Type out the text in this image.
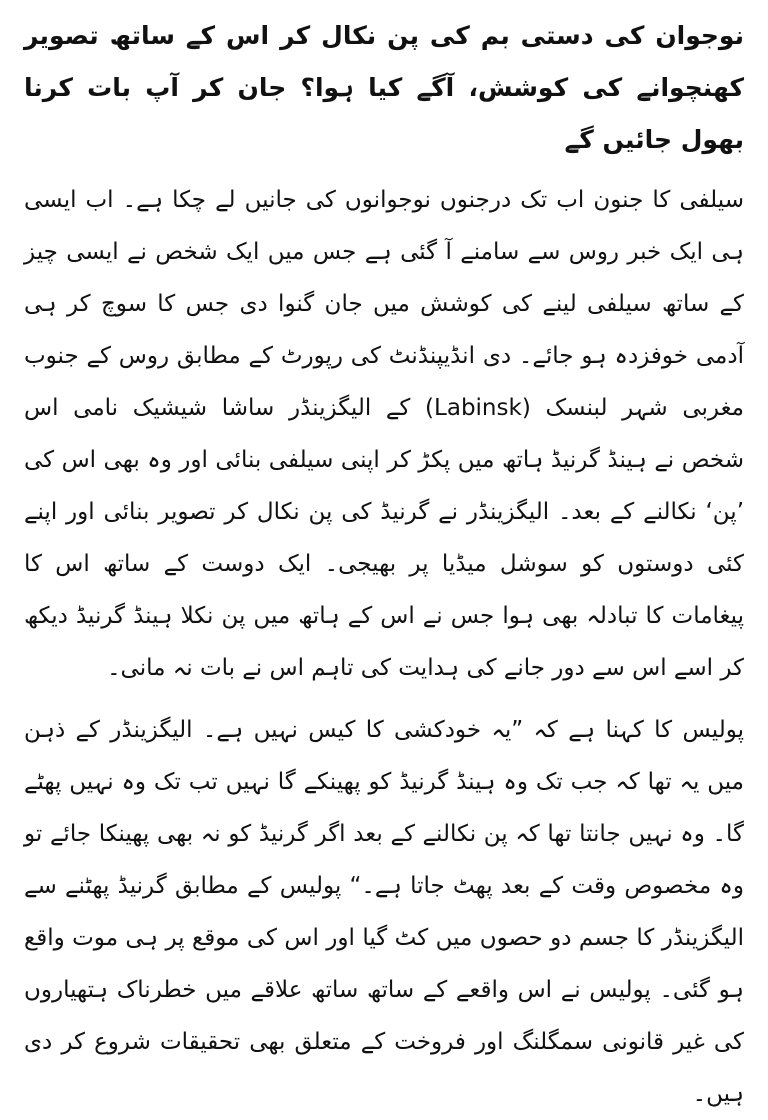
نوجوان کی دستی بم کی پن نکال کر اس کے ساتھ تصویر کھنچوانے کی کوشش، آگے کیا ہوا؟ جان کر آپ بات کرنا بھول جائیں گے

سیلفی کا جنون اب تک درجنوں نوجوانوں کی جانیں لے چکا ہے۔ اب ایسی ہی ایک خبر روس سے سامنے آ گئی ہے جس میں ایک شخص نے ایسی چیز کے ساتھ سیلفی لینے کی کوشش میں جان گنوا دی جس کا سوچ کر ہی آدمی خوفزدہ ہو جائے۔ دی انڈیپنڈنٹ کی رپورٹ کے مطابق روس کے جنوب مغربی شہر لبنسک (Labinsk) کے الیگزینڈر ساشا شیشیک نامی اس شخص نے ہینڈ گرنیڈ ہاتھ میں پکڑ کر اپنی سیلفی بنائی اور وہ بھی اس کی ’پن‘ نکالنے کے بعد۔ الیگزینڈر نے گرنیڈ کی پن نکال کر تصویر بنائی اور اپنے کئی دوستوں کو سوشل میڈیا پر بھیجی۔ ایک دوست کے ساتھ اس کا پیغامات کا تبادلہ بھی ہوا جس نے اس کے ہاتھ میں پن نکلا ہینڈ گرنیڈ دیکھ کر اسے اس سے دور جانے کی ہدایت کی تاہم اس نے بات نہ مانی۔

پولیس کا کہنا ہے کہ ”یہ خودکشی کا کیس نہیں ہے۔ الیگزینڈر کے ذہن میں یہ تھا کہ جب تک وہ ہینڈ گرنیڈ کو پھینکے گا نہیں تب تک وہ نہیں پھٹے گا۔ وہ نہیں جانتا تھا کہ پن نکالنے کے بعد اگر گرنیڈ کو نہ بھی پھینکا جائے تو وہ مخصوص وقت کے بعد پھٹ جاتا ہے۔“ پولیس کے مطابق گرنیڈ پھٹنے سے الیگزینڈر کا جسم دو حصوں میں کٹ گیا اور اس کی موقع پر ہی موت واقع ہو گئی۔ پولیس نے اس واقعے کے ساتھ ساتھ علاقے میں خطرناک ہتھیاروں کی غیر قانونی سمگلنگ اور فروخت کے متعلق بھی تحقیقات شروع کر دی ہیں۔
